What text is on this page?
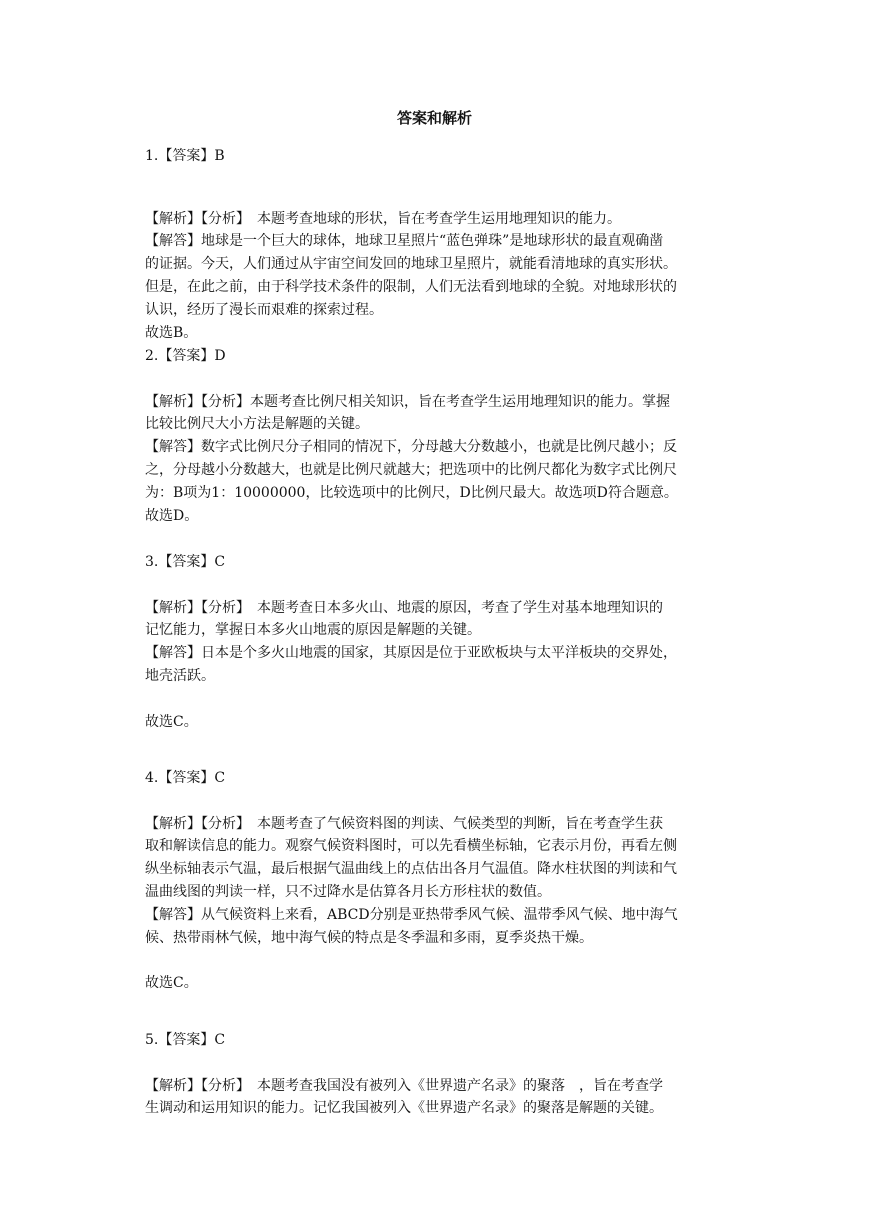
答案和解析
1.【答案】B
【解析】【分析】　本题考查地球的形状，旨在考查学生运用地理知识的能力。
【解答】地球是一个巨大的球体，地球卫星照片“蓝色弹珠”是地球形状的最直观确凿
的证据。今天，人们通过从宇宙空间发回的地球卫星照片，就能看清地球的真实形状。
但是，在此之前，由于科学技术条件的限制，人们无法看到地球的全貌。对地球形状的
认识，经历了漫长而艰难的探索过程。
故选B。
2.【答案】D
【解析】【分析】本题考查比例尺相关知识，旨在考查学生运用地理知识的能力。掌握
比较比例尺大小方法是解题的关键。
【解答】数字式比例尺分子相同的情况下，分母越大分数越小，也就是比例尺越小；反
之，分母越小分数越大，也就是比例尺就越大；把选项中的比例尺都化为数字式比例尺
为：B项为1：10000000，比较选项中的比例尺，D比例尺最大。故选项D符合题意。
故选D。
3.【答案】C
【解析】【分析】　本题考查日本多火山、地震的原因，考查了学生对基本地理知识的
记忆能力，掌握日本多火山地震的原因是解题的关键。
【解答】日本是个多火山地震的国家，其原因是位于亚欧板块与太平洋板块的交界处，
地壳活跃。
故选C。
4.【答案】C
【解析】【分析】　本题考查了气候资料图的判读、气候类型的判断，旨在考查学生获
取和解读信息的能力。观察气候资料图时，可以先看横坐标轴，它表示月份，再看左侧
纵坐标轴表示气温，最后根据气温曲线上的点估出各月气温值。降水柱状图的判读和气
温曲线图的判读一样，只不过降水是估算各月长方形柱状的数值。
【解答】从气候资料上来看，ABCD分别是亚热带季风气候、温带季风气候、地中海气
候、热带雨林气候，地中海气候的特点是冬季温和多雨，夏季炎热干燥。
故选C。
5.【答案】C
【解析】【分析】　本题考查我国没有被列入《世界遗产名录》的聚落　，旨在考查学
生调动和运用知识的能力。记忆我国被列入《世界遗产名录》的聚落是解题的关键。
